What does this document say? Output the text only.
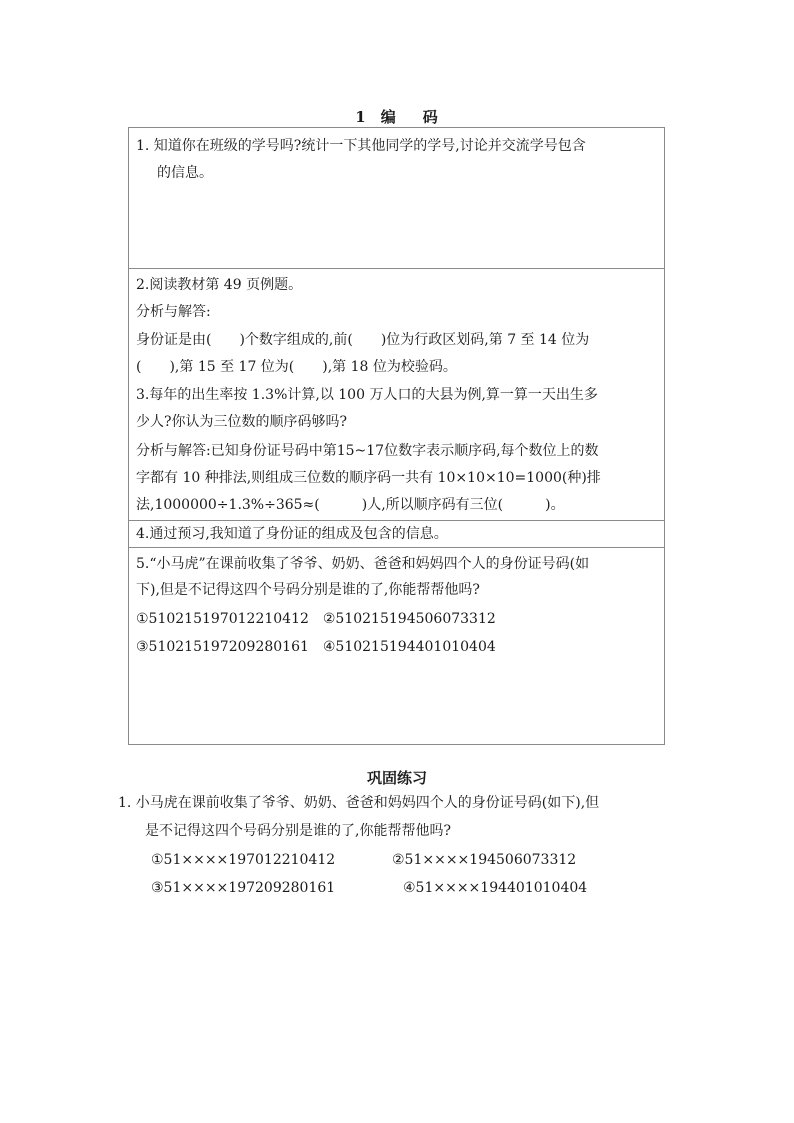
1 编 码
1. 知道你在班级的学号吗?统计一下其他同学的学号,讨论并交流学号包含
的信息。
2.阅读教材第 49 页例题。
分析与解答:
身份证是由(　　)个数字组成的,前(　　)位为行政区划码,第 7 至 14 位为
(　　),第 15 至 17 位为(　　),第 18 位为校验码。
3.每年的出生率按 1.3%计算,以 100 万人口的大县为例,算一算一天出生多
少人?你认为三位数的顺序码够吗?
分析与解答:已知身份证号码中第15~17位数字表示顺序码,每个数位上的数
字都有 10 种排法,则组成三位数的顺序码一共有 10×10×10=1000(种)排
法,1000000÷1.3%÷365≈(　　　)人,所以顺序码有三位(　　　)。
4.通过预习,我知道了身份证的组成及包含的信息。
5.“小马虎”在课前收集了爷爷、奶奶、爸爸和妈妈四个人的身份证号码(如
下),但是不记得这四个号码分别是谁的了,你能帮帮他吗?
①510215197012210412　②510215194506073312
③510215197209280161　④510215194401010404
巩固练习
1. 小马虎在课前收集了爷爷、奶奶、爸爸和妈妈四个人的身份证号码(如下),但
是不记得这四个号码分别是谁的了,你能帮帮他吗?
①51××××197012210412	②51××××194506073312
③51××××197209280161	④51××××194401010404
